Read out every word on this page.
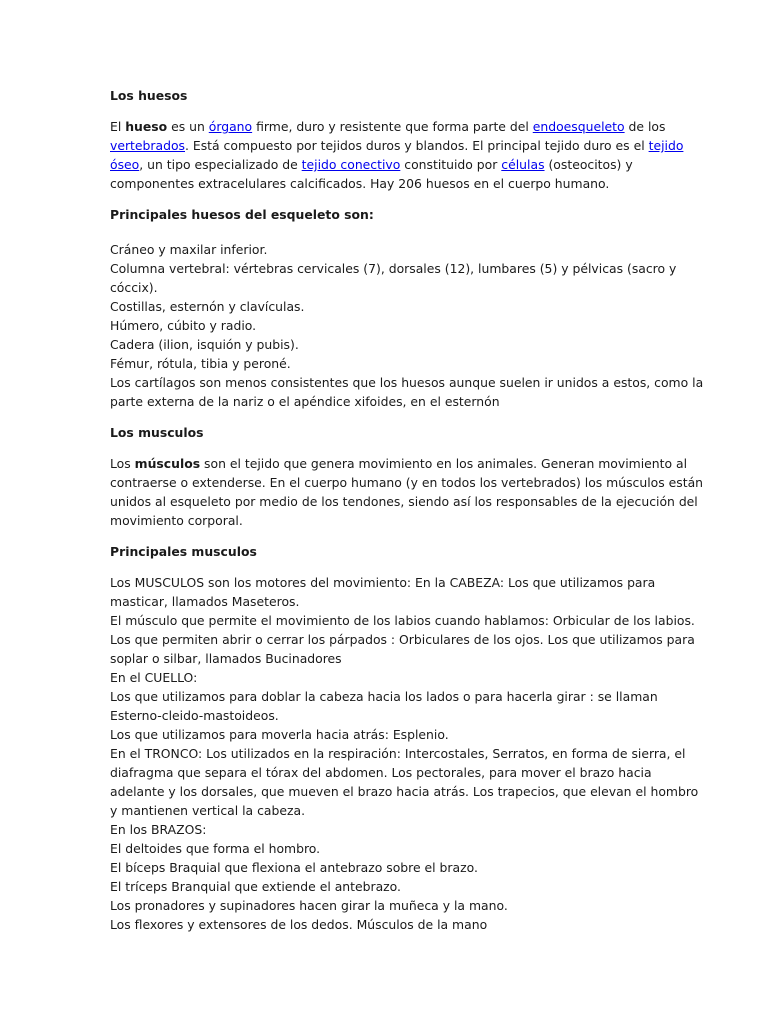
Los huesos
El hueso es un órgano firme, duro y resistente que forma parte del endoesqueleto de los
vertebrados. Está compuesto por tejidos duros y blandos. El principal tejido duro es el tejido
óseo, un tipo especializado de tejido conectivo constituido por células (osteocitos) y
componentes extracelulares calcificados. Hay 206 huesos en el cuerpo humano.
Principales huesos del esqueleto son:
Cráneo y maxilar inferior.
Columna vertebral: vértebras cervicales (7), dorsales (12), lumbares (5) y pélvicas (sacro y
cóccix).
Costillas, esternón y clavículas.
Húmero, cúbito y radio.
Cadera (ilion, isquión y pubis).
Fémur, rótula, tibia y peroné.
Los cartílagos son menos consistentes que los huesos aunque suelen ir unidos a estos, como la
parte externa de la nariz o el apéndice xifoides, en el esternón
Los musculos
Los músculos son el tejido que genera movimiento en los animales. Generan movimiento al
contraerse o extenderse. En el cuerpo humano (y en todos los vertebrados) los músculos están
unidos al esqueleto por medio de los tendones, siendo así los responsables de la ejecución del
movimiento corporal.
Principales musculos
Los MUSCULOS son los motores del movimiento: En la CABEZA: Los que utilizamos para
masticar, llamados Maseteros.
El músculo que permite el movimiento de los labios cuando hablamos: Orbicular de los labios.
Los que permiten abrir o cerrar los párpados : Orbiculares de los ojos. Los que utilizamos para
soplar o silbar, llamados Bucinadores
En el CUELLO:
Los que utilizamos para doblar la cabeza hacia los lados o para hacerla girar : se llaman
Esterno-cleido-mastoideos.
Los que utilizamos para moverla hacia atrás: Esplenio.
En el TRONCO: Los utilizados en la respiración: Intercostales, Serratos, en forma de sierra, el
diafragma que separa el tórax del abdomen. Los pectorales, para mover el brazo hacia
adelante y los dorsales, que mueven el brazo hacia atrás. Los trapecios, que elevan el hombro
y mantienen vertical la cabeza.
En los BRAZOS:
El deltoides que forma el hombro.
El bíceps Braquial que flexiona el antebrazo sobre el brazo.
El tríceps Branquial que extiende el antebrazo.
Los pronadores y supinadores hacen girar la muñeca y la mano.
Los flexores y extensores de los dedos. Músculos de la mano
